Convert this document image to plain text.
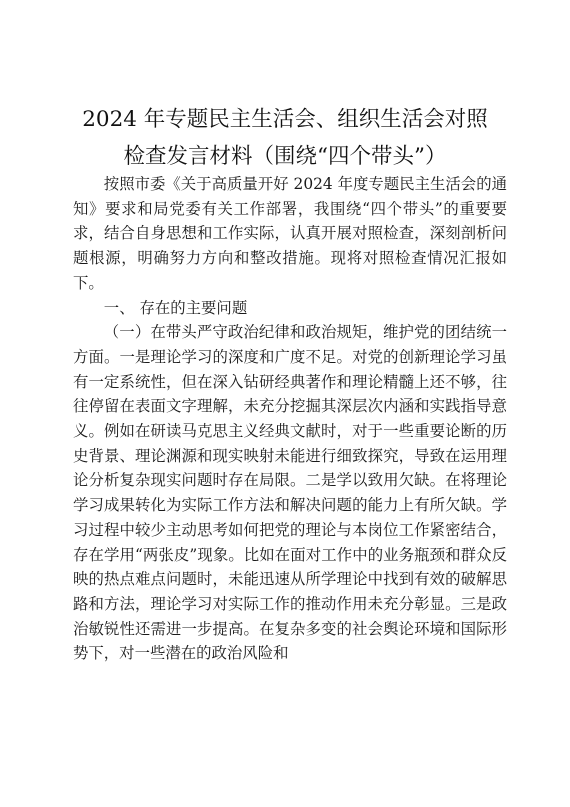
2024 年专题民主生活会、组织生活会对照
检查发言材料（围绕“四个带头”）

按照市委《关于高质量开好 2024 年度专题民主生活会的通知》要求和局党委有关工作部署，我围绕“四个带头”的重要要求，结合自身思想和工作实际，认真开展对照检查，深刻剖析问题根源，明确努力方向和整改措施。现将对照检查情况汇报如下。

一、 存在的主要问题

（一）在带头严守政治纪律和政治规矩，维护党的团结统一方面。一是理论学习的深度和广度不足。对党的创新理论学习虽有一定系统性，但在深入钻研经典著作和理论精髓上还不够，往往停留在表面文字理解，未充分挖掘其深层次内涵和实践指导意义。例如在研读马克思主义经典文献时，对于一些重要论断的历史背景、理论渊源和现实映射未能进行细致探究，导致在运用理论分析复杂现实问题时存在局限。二是学以致用欠缺。在将理论学习成果转化为实际工作方法和解决问题的能力上有所欠缺。学习过程中较少主动思考如何把党的理论与本岗位工作紧密结合，存在学用“两张皮”现象。比如在面对工作中的业务瓶颈和群众反映的热点难点问题时，未能迅速从所学理论中找到有效的破解思路和方法，理论学习对实际工作的推动作用未充分彰显。三是政治敏锐性还需进一步提高。在复杂多变的社会舆论环境和国际形势下，对一些潜在的政治风险和
